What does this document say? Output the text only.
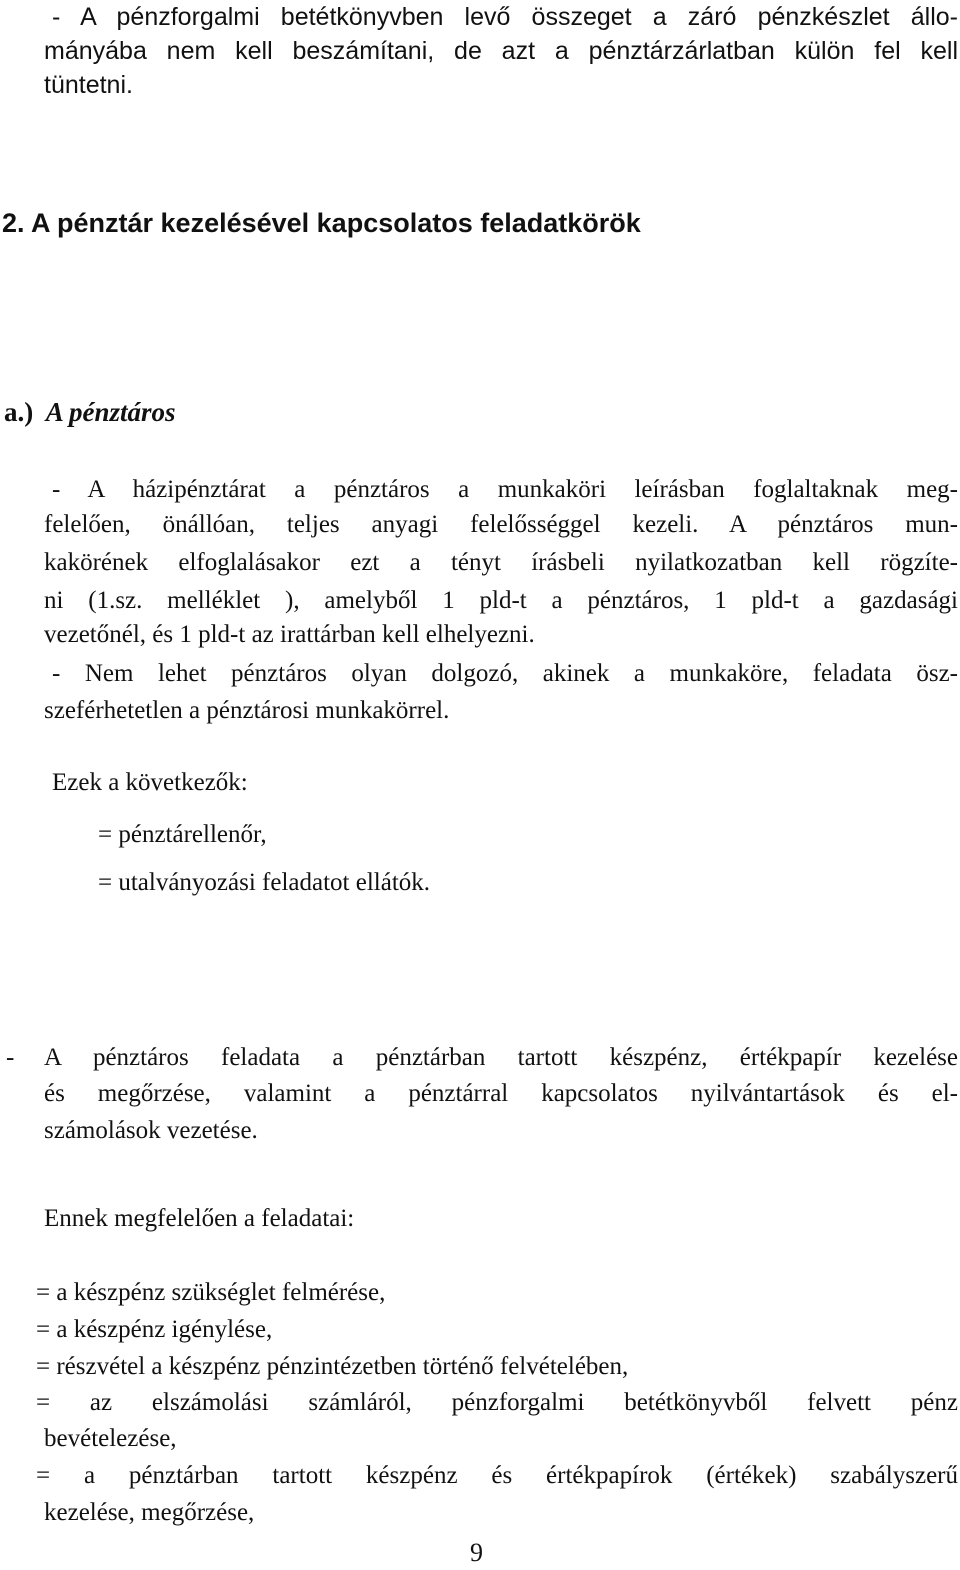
- A pénzforgalmi betétkönyvben levő összeget a záró pénzkészlet állo-

mányába nem kell beszámítani, de azt a pénztárzárlatban külön fel kell

tüntetni.

2. A pénztár kezelésével kapcsolatos feladatkörök
a.) A pénztáros

- A házipénztárat a pénztáros a munkaköri leírásban foglaltaknak meg-

felelően, önállóan, teljes anyagi felelősséggel kezeli. A pénztáros mun-

kakörének elfoglalásakor ezt a tényt írásbeli nyilatkozatban kell rögzíte-

ni (1.sz. melléklet ), amelyből 1 pld-t a pénztáros, 1 pld-t a gazdasági

vezetőnél, és 1 pld-t az irattárban kell elhelyezni.

- Nem lehet pénztáros olyan dolgozó, akinek a munkaköre, feladata ösz-

szeférhetetlen a pénztárosi munkakörrel.

Ezek a következők:

= pénztárellenőr,

= utalványozási feladatot ellátók.

- A pénztáros feladata a pénztárban tartott készpénz, értékpapír kezelése

és megőrzése, valamint a pénztárral kapcsolatos nyilvántartások és el-

számolások vezetése.

Ennek megfelelően a feladatai:

= a készpénz szükséglet felmérése,

= a készpénz igénylése,

= részvétel a készpénz pénzintézetben történő felvételében,

= az elszámolási számláról, pénzforgalmi betétkönyvből felvett pénz

bevételezése,

= a pénztárban tartott készpénz és értékpapírok (értékek) szabályszerű

kezelése, megőrzése,

9
